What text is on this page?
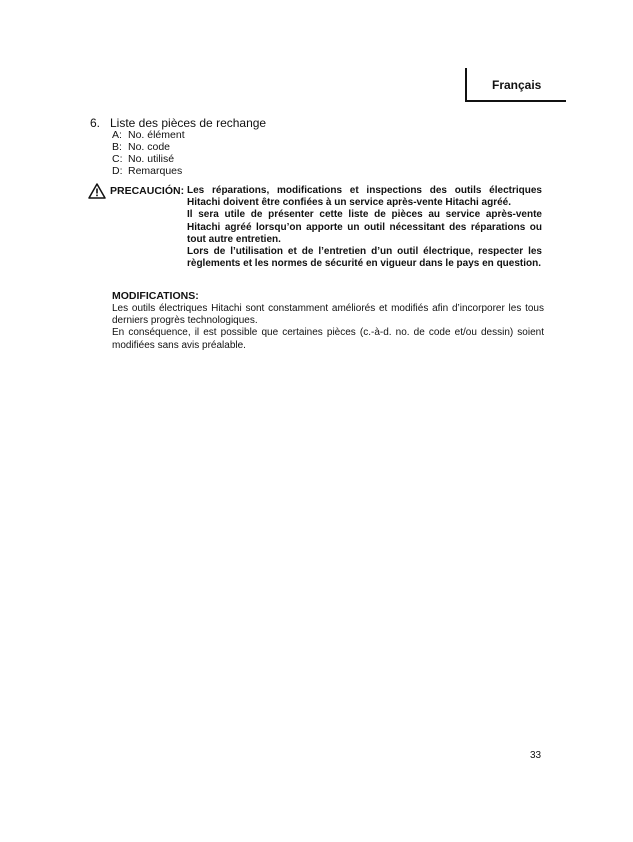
Français
6. Liste des pièces de rechange
A: No. élément
B: No. code
C: No. utilisé
D: Remarques
PRECAUCIÓN: Les réparations, modifications et inspections des outils électriques Hitachi doivent être confiées à un service après-vente Hitachi agréé.

Il sera utile de présenter cette liste de pièces au service après-vente Hitachi agréé lorsqu’on apporte un outil nécessitant des réparations ou tout autre entretien.

Lors de l’utilisation et de l’entretien d’un outil électrique, respecter les règlements et les normes de sécurité en vigueur dans le pays en question.

MODIFICATIONS:

Les outils électriques Hitachi sont constamment améliorés et modifiés afin d’incorporer les tous derniers progrès technologiques.

En conséquence, il est possible que certaines pièces (c.-à-d. no. de code et/ou dessin) soient modifiées sans avis préalable.

33
